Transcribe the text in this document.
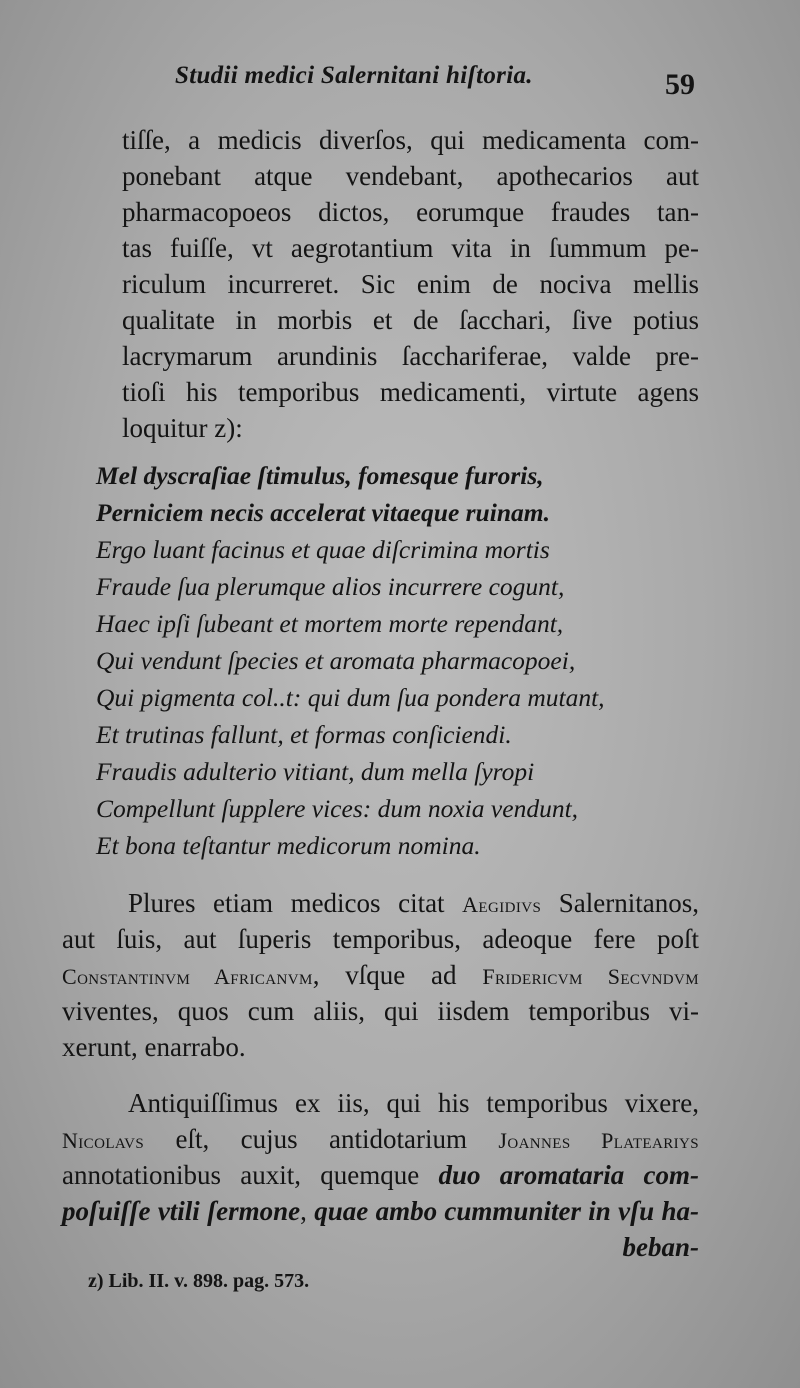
Studii medici Salernitani hiſtoria.	59
tiſſe, a medicis diverſos, qui medicamenta com-
ponebant atque vendebant, apothecarios aut
pharmacopoeos dictos, eorumque fraudes tan-
tas fuiſſe, vt aegrotantium vita in ſummum pe-
riculum incurreret. Sic enim de nociva mellis
qualitate in morbis et de ſacchari, ſive potius
lacrymarum arundinis ſacchariferae, valde pre-
tioſi his temporibus medicamenti, virtute agens
loquitur z):
Mel dyscraſiae ſtimulus, fomesque furoris,
Perniciem necis accelerat vitaeque ruinam.
Ergo luant facinus et quae diſcrimina mortis
Fraude ſua plerumque alios incurrere cogunt,
Haec ipſi ſubeant et mortem morte rependant,
Qui vendunt ſpecies et aromata pharmacopoei,
Qui pigmenta col..t: qui dum ſua pondera mutant,
Et trutinas fallunt, et formas conſiciendi.
Fraudis adulterio vitiant, dum mella ſyropi
Compellunt ſupplere vices: dum noxia vendunt,
Et bona teſtantur medicorum nomina.
Plures etiam medicos citat Aegidivs Salernitanos,
aut ſuis, aut ſuperis temporibus, adeoque fere poſt
Constantinvm Africanvm, vſque ad Fridericvm Secvndvm
viventes, quos cum aliis, qui iisdem temporibus vi-
xerunt, enarrabo.
Antiquiſſimus ex iis, qui his temporibus vixere,
Nicolavs eſt, cujus antidotarium Joannes Plateariys
annotationibus auxit, quemque duo aromataria com-
poſuiſſe vtili ſermone, quae ambo cummuniter in vſu ha-
beban-
z) Lib. II. v. 898. pag. 573.
